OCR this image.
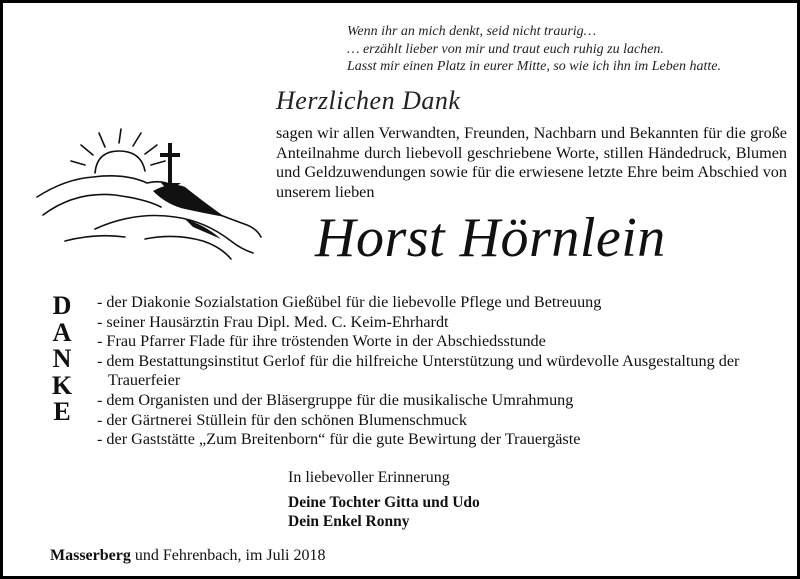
Wenn ihr an mich denkt, seid nicht traurig…
… erzählt lieber von mir und traut euch ruhig zu lachen.
Lasst mir einen Platz in eurer Mitte, so wie ich ihn im Leben hatte.
Herzlichen Dank
sagen wir allen Verwandten, Freunden, Nachbarn und Bekannten für die große Anteilnahme durch liebevoll geschriebene Worte, stillen Händedruck, Blumen und Geldzuwendungen sowie für die erwiesene letzte Ehre beim Abschied von unserem lieben
Horst Hörnlein
D
A
N
K
E
- der Diakonie Sozialstation Gießübel für die liebevolle Pflege und Betreuung
- seiner Hausärztin Frau Dipl. Med. C. Keim-Ehrhardt
- Frau Pfarrer Flade für ihre tröstenden Worte in der Abschiedsstunde
- dem Bestattungsinstitut Gerlof für die hilfreiche Unterstützung und würdevolle Ausgestaltung der Trauerfeier
- dem Organisten und der Bläsergruppe für die musikalische Umrahmung
- der Gärtnerei Stüllein für den schönen Blumenschmuck
- der Gaststätte „Zum Breitenborn“ für die gute Bewirtung der Trauergäste
In liebevoller Erinnerung
Deine Tochter Gitta und Udo
Dein Enkel Ronny
Masserberg und Fehrenbach, im Juli 2018
